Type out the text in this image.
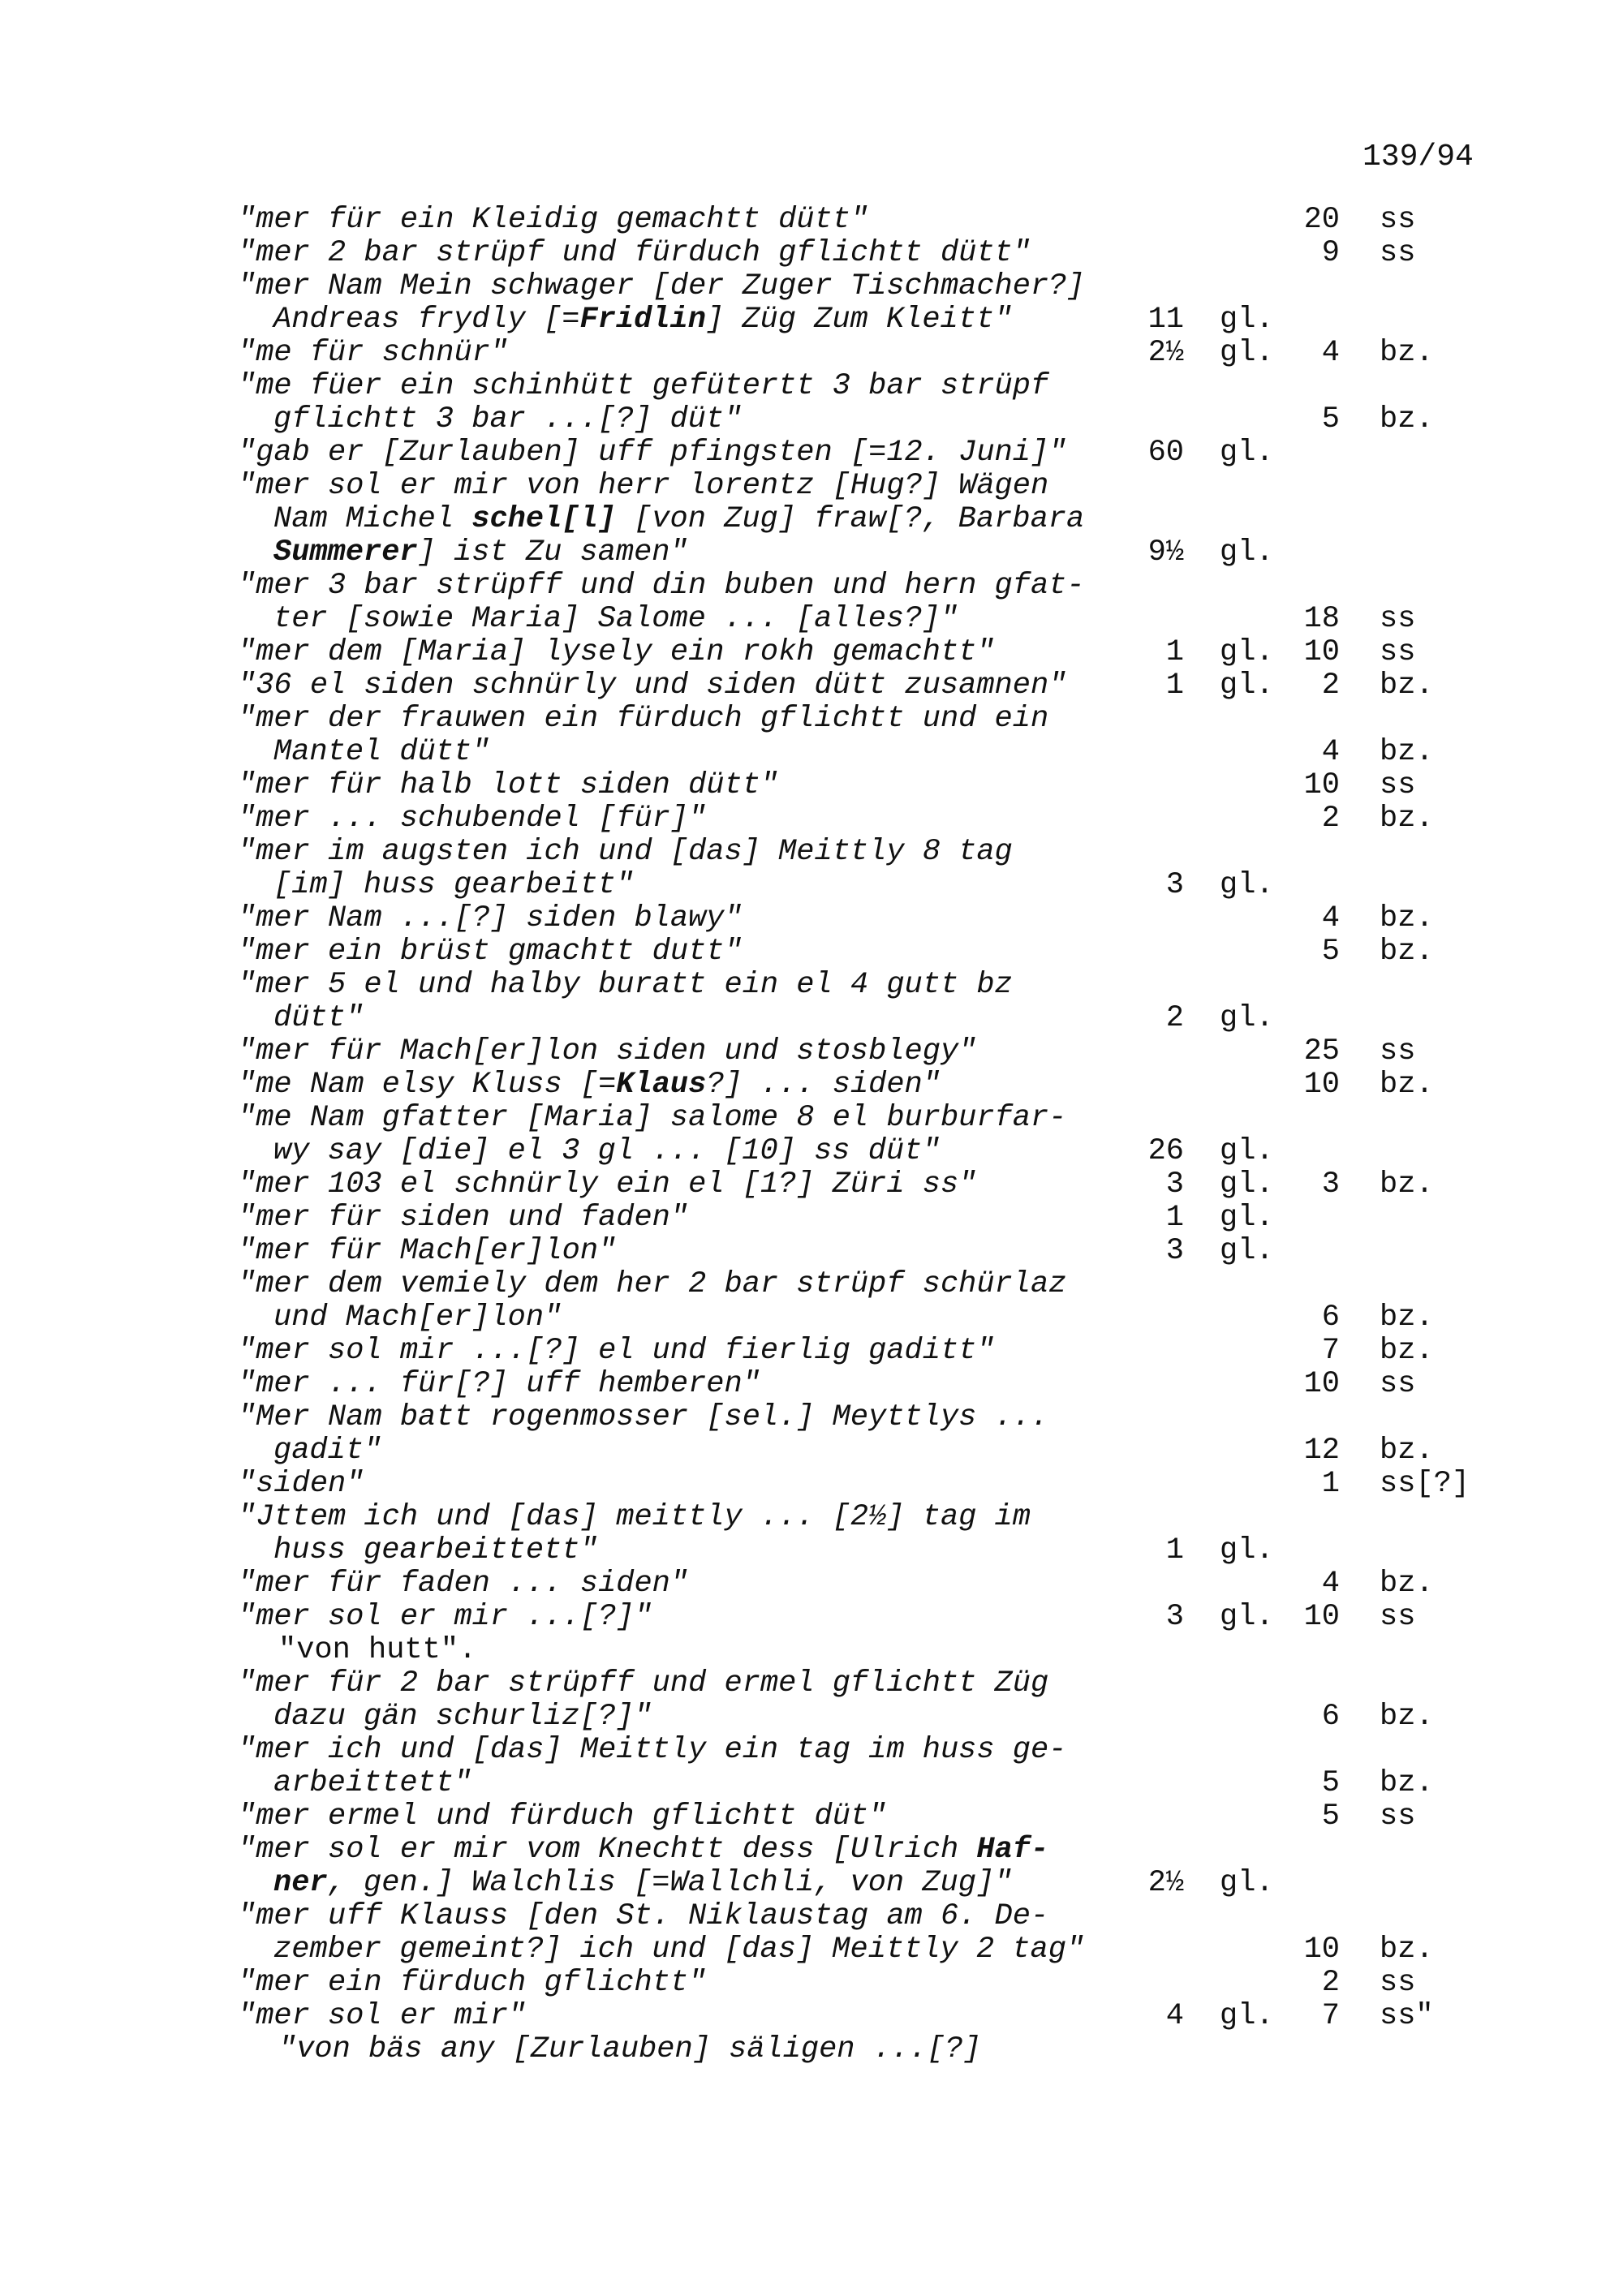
139/94
"mer für ein Kleidig gemachtt dütt"	20 ss
"mer 2 bar strüpf und fürduch gflichtt dütt"	9 ss
"mer Nam Mein schwager [der Zuger Tischmacher?]
Andreas frydly [=Fridlin] Züg Zum Kleitt"	11 gl.
"me für schnür"	2½ gl.	4 bz.
"me füer ein schinhütt gefütertt 3 bar strüpf
gflichtt 3 bar ...[?] düt"	5 bz.
"gab er [Zurlauben] uff pfingsten [=12. Juni]"	60 gl.
"mer sol er mir von herr lorentz [Hug?] Wägen
Nam Michel schel[l] [von Zug] fraw[?, Barbara
Summerer] ist Zu samen"	9½ gl.
"mer 3 bar strüpff und din buben und hern gfat-
ter [sowie Maria] Salome ... [alles?]"	18 ss
"mer dem [Maria] lysely ein rokh gemachtt"	1 gl. 10 ss
"36 el siden schnürly und siden dütt zusamnen"	1 gl.	2 bz.
"mer der frauwen ein fürduch gflichtt und ein
Mantel dütt"	4 bz.
"mer für halb lott siden dütt"	10 ss
"mer ... schubendel [für]"	2 bz.
"mer im augsten ich und [das] Meittly 8 tag
[im] huss gearbeitt"	3 gl.
"mer Nam ...[?] siden blawy"	4 bz.
"mer ein brüst gmachtt dutt"	5 bz.
"mer 5 el und halby buratt ein el 4 gutt bz
dütt"	2 gl.
"mer für Mach[er]lon siden und stosblegy"	25 ss
"me Nam elsy Kluss [=Klaus?] ... siden"	10 bz.
"me Nam gfatter [Maria] salome 8 el burburfar-
wy say [die] el 3 gl ... [10] ss düt"	26 gl.
"mer 103 el schnürly ein el [1?] Züri ss"	3 gl.	3 bz.
"mer für siden und faden"	1 gl.
"mer für Mach[er]lon"	3 gl.
"mer dem vemiely dem her 2 bar strüpf schürlaz
und Mach[er]lon"	6 bz.
"mer sol mir ...[?] el und fierlig gaditt"	7 bz.
"mer ... für[?] uff hemberen"	10 ss
"Mer Nam batt rogenmosser [sel.] Meyttlys ...
gadit"	12 bz.
"siden"	1 ss[?]
"Jttem ich und [das] meittly ... [2½] tag im
huss gearbeittett"	1 gl.
"mer für faden ... siden"	4 bz.
"mer sol er mir ...[?]"	3 gl. 10 ss
"von hutt".
"mer für 2 bar strüpff und ermel gflichtt Züg
dazu gän schurliz[?]"	6 bz.
"mer ich und [das] Meittly ein tag im huss ge-
arbeittett"	5 bz.
"mer ermel und fürduch gflichtt düt"	5 ss
"mer sol er mir vom Knechtt dess [Ulrich Haf-
ner, gen.] Walchlis [=Wallchli, von Zug]"	2½ gl.
"mer uff Klauss [den St. Niklaustag am 6. De-
zember gemeint?] ich und [das] Meittly 2 tag"	10 bz.
"mer ein fürduch gflichtt"	2 ss
"mer sol er mir"	4 gl.	7 ss"
"von bäs any [Zurlauben] säligen ...[?]
